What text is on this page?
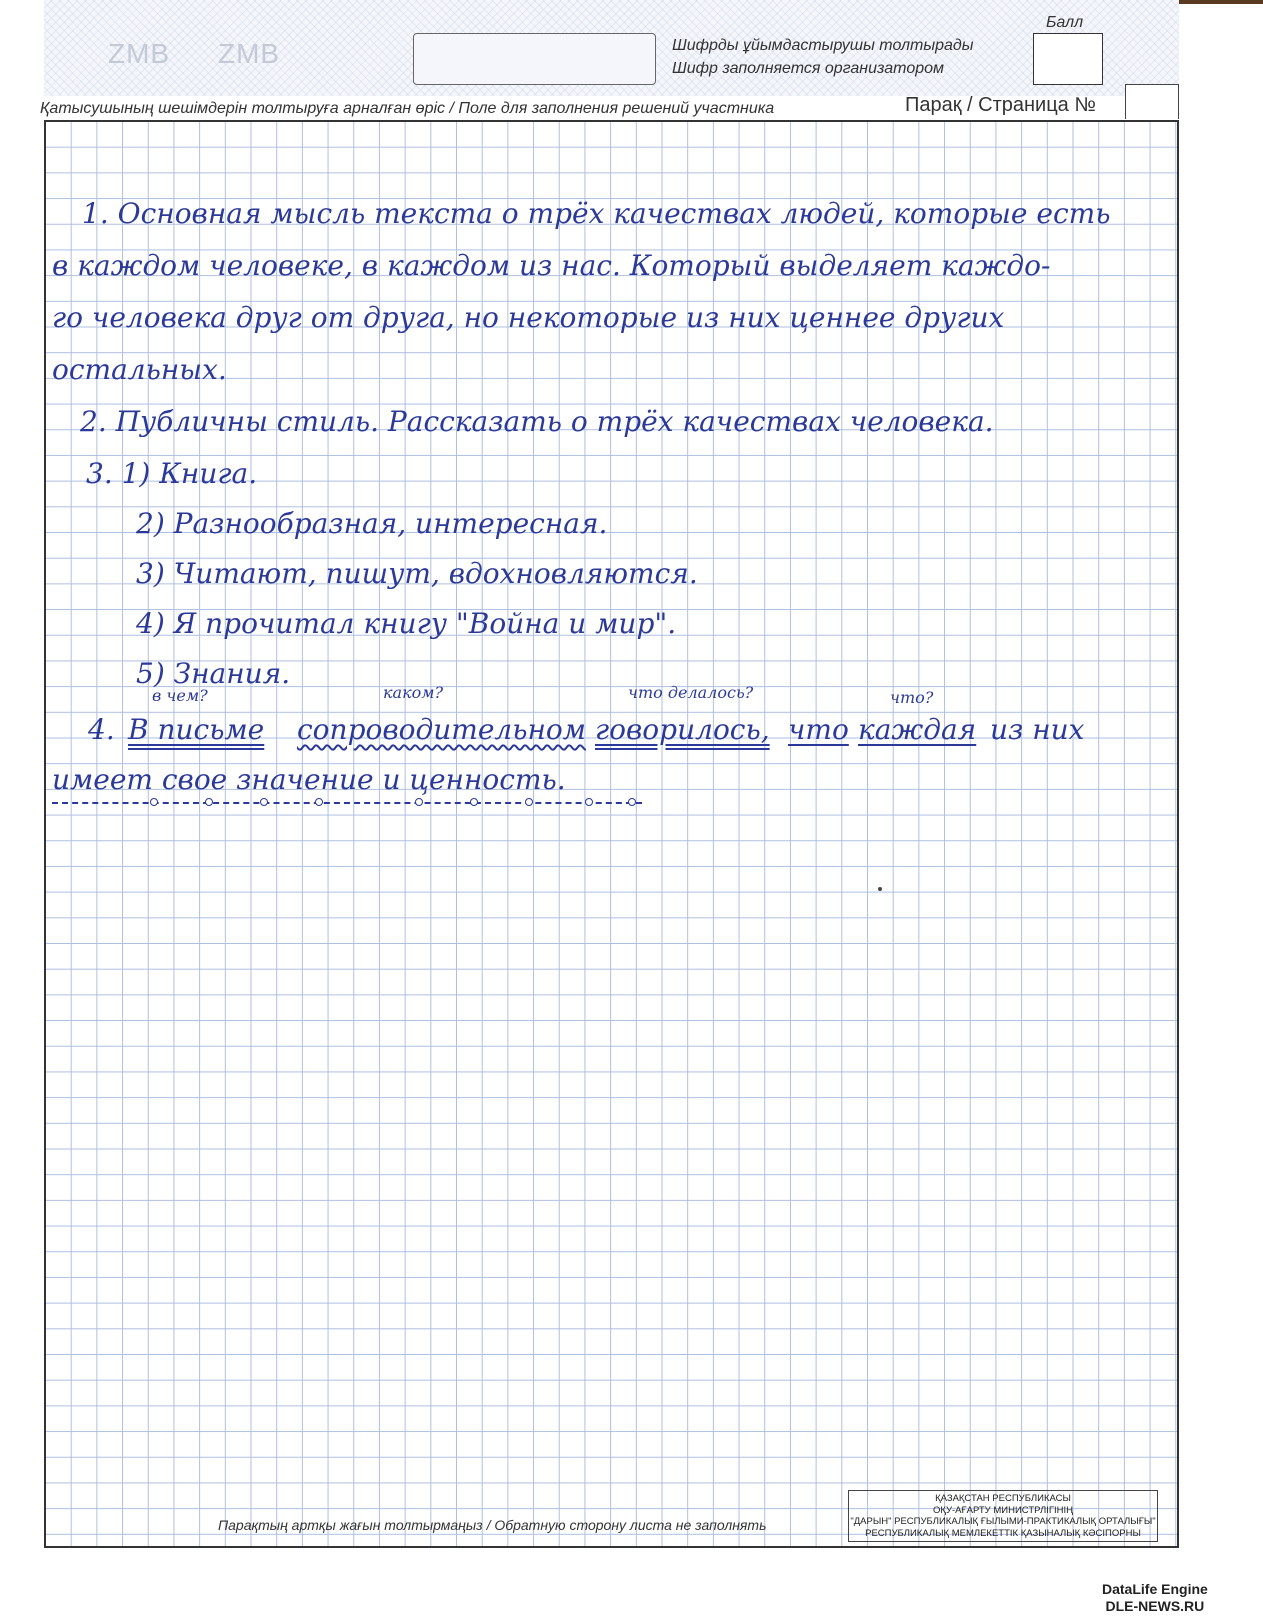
ZMB ZMB	Шифрды ұйымдастырушы толтырады
Шифр заполняется организатором
Балл
Қатысушының шешімдерін толтыруға арналған өріс / Поле для заполнения решений участника	Парақ / Страница №
1. Основная мысль текста о трёх качествах людей, которые есть
в каждом человеке, в каждом из нас. Который выделяет каждо-
го человека друг от друга, но некоторые из них ценнее других
остальных.
2. Публичны стиль. Рассказать о трёх качествах человека.
3. 1) Книга.
2) Разнообразная, интересная.
3) Читают, пишут, вдохновляются.
4) Я прочитал книгу "Война и мир".
5) Знания.
в чем?	каком?	что делалось?	что?
4. В письме сопроводительном говорилось, что каждая из них
имеет свое значение и ценность.
Парақтың артқы жағын толтырмаңыз / Обратную сторону листа не заполнять
ҚАЗАҚСТАН РЕСПУБЛИКАСЫ
ОҚУ-АҒАРТУ МИНИСТРЛІГІНІҢ
"ДАРЫН" РЕСПУБЛИКАЛЫҚ ҒЫЛЫМИ-ПРАКТИКАЛЫҚ ОРТАЛЫҒЫ"
РЕСПУБЛИКАЛЫҚ МЕМЛЕКЕТТІК ҚАЗЫНАЛЫҚ КӘСІПОРНЫ
DataLife Engine
DLE-NEWS.RU
